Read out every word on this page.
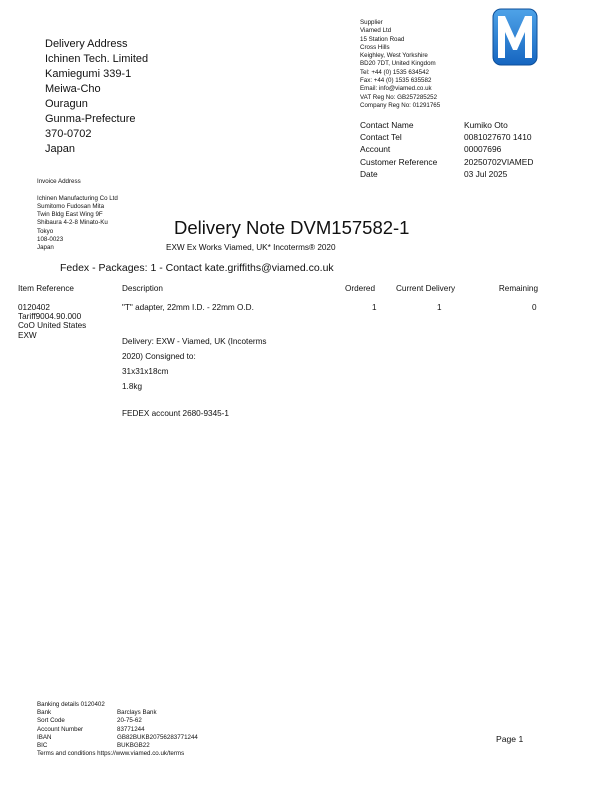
Delivery Address
Ichinen Tech. Limited
Kamiegumi 339-1
Meiwa-Cho
Ouragun
Gunma-Prefecture
370-0702
Japan
Supplier
Viamed Ltd
15 Station Road
Cross Hills
Keighley, West Yorkshire
BD20 7DT, United Kingdom
Tel: +44 (0) 1535 634542
Fax: +44 (0) 1535 635582
Email: info@viamed.co.uk
VAT Reg No: GB257285252
Company Reg No: 01291765
Contact Name	Kumiko Oto
Contact Tel	0081027670 1410
Account	00007696
Customer Reference	20250702VIAMED
Date	03 Jul 2025
Invoice Address
Ichinen Manufacturing Co Ltd
Sumitomo Fudosan Mita
Twin Bldg East Wing 9F
Shibaura 4-2-8 Minato-Ku
Tokyo
108-0023
Japan
Delivery Note DVM157582-1
EXW Ex Works Viamed, UK* Incoterms® 2020
Fedex - Packages: 1 - Contact kate.griffiths@viamed.co.uk
Item Reference	Description	Ordered	Current Delivery	Remaining
0120402
Tariff9004.90.000
CoO United States
EXW
"T" adapter, 22mm I.D. - 22mm O.D.	1	1	0
Delivery: EXW - Viamed, UK (Incoterms
2020) Consigned to:
31x31x18cm
1.8kg
FEDEX account 2680-9345-1
Banking details 0120402
Bank	Barclays Bank
Sort Code	20-75-62
Account Number	83771244
IBAN	GB82BUKB20756283771244
BIC	BUKBGB22
Terms and conditions https://www.viamed.co.uk/terms
Page 1
